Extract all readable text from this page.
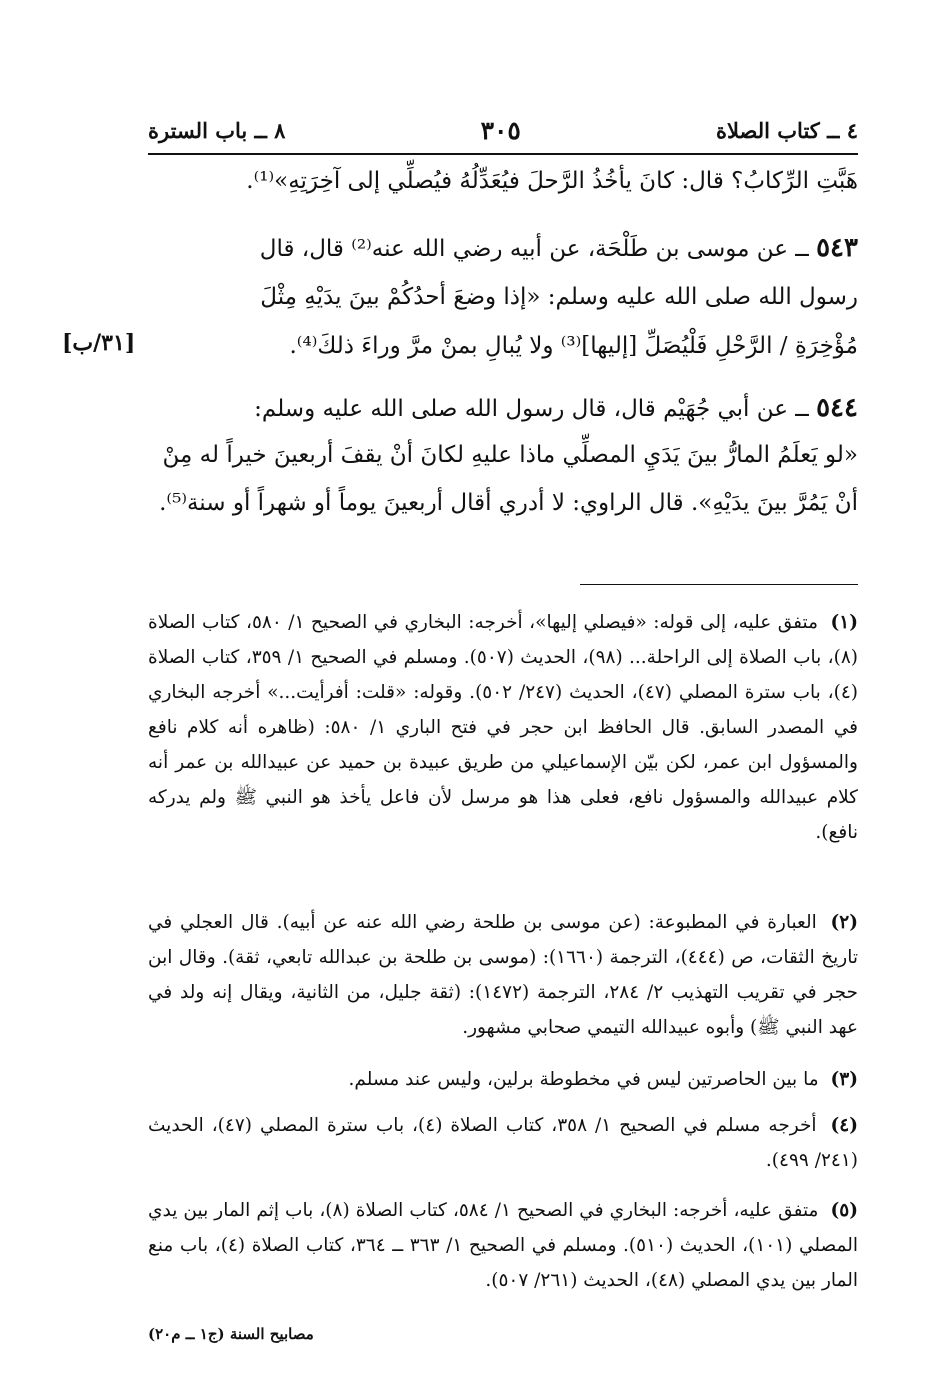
٤ ــ كتاب الصلاة
٣٠٥
٨ ــ باب السترة
هَبَّتِ الرِّكابُ؟ قال: كانَ يأخُذُ الرَّحلَ فيُعَدِّلُهُ فيُصلِّي إلى آخِرَتِهِ»⁽¹⁾.
٥٤٣ ــ عن موسى بن طَلْحَة، عن أبيه رضي الله عنه⁽²⁾ قال، قال
رسول الله صلى الله عليه وسلم: «إذا وضعَ أحدُكُمْ بينَ يدَيْهِ مِثْلَ
مُؤْخِرَةِ / الرَّحْلِ فَلْيُصَلِّ [إليها]⁽³⁾ ولا يُبالِ بمنْ مرَّ وراءَ ذلكَ⁽⁴⁾.
[٣١/ب]
٥٤٤ ــ عن أبي جُهَيْم قال، قال رسول الله صلى الله عليه وسلم:
«لو يَعلَمُ المارُّ بينَ يَدَيِ المصلِّي ماذا عليهِ لكانَ أنْ يقفَ أربعينَ خيراً له مِنْ
أنْ يَمُرَّ بينَ يدَيْهِ». قال الراوي: لا أدري أقال أربعينَ يوماً أو شهراً أو سنة⁽⁵⁾.
(١) متفق عليه، إلى قوله: «فيصلي إليها»، أخرجه: البخاري في الصحيح ١/ ٥٨٠، كتاب الصلاة (٨)، باب الصلاة إلى الراحلة... (٩٨)، الحديث (٥٠٧). ومسلم في الصحيح ١/ ٣٥٩، كتاب الصلاة (٤)، باب سترة المصلي (٤٧)، الحديث (٢٤٧/ ٥٠٢). وقوله: «قلت: أفرأيت...» أخرجه البخاري في المصدر السابق. قال الحافظ ابن حجر في فتح الباري ١/ ٥٨٠: (ظاهره أنه كلام نافع والمسؤول ابن عمر، لكن بيّن الإسماعيلي من طريق عبيدة بن حميد عن عبيدالله بن عمر أنه كلام عبيدالله والمسؤول نافع، فعلى هذا هو مرسل لأن فاعل يأخذ هو النبي ﷺ ولم يدركه نافع).
(٢) العبارة في المطبوعة: (عن موسى بن طلحة رضي الله عنه عن أبيه). قال العجلي في تاريخ الثقات، ص (٤٤٤)، الترجمة (١٦٦٠): (موسى بن طلحة بن عبدالله تابعي، ثقة). وقال ابن حجر في تقريب التهذيب ٢/ ٢٨٤، الترجمة (١٤٧٢): (ثقة جليل، من الثانية، ويقال إنه ولد في عهد النبي ﷺ) وأبوه عبيدالله التيمي صحابي مشهور.
(٣) ما بين الحاصرتين ليس في مخطوطة برلين، وليس عند مسلم.
(٤) أخرجه مسلم في الصحيح ١/ ٣٥٨، كتاب الصلاة (٤)، باب سترة المصلي (٤٧)، الحديث (٢٤١/ ٤٩٩).
(٥) متفق عليه، أخرجه: البخاري في الصحيح ١/ ٥٨٤، كتاب الصلاة (٨)، باب إثم المار بين يدي المصلي (١٠١)، الحديث (٥١٠). ومسلم في الصحيح ١/ ٣٦٣ ــ ٣٦٤، كتاب الصلاة (٤)، باب منع المار بين يدي المصلي (٤٨)، الحديث (٢٦١/ ٥٠٧).
مصابيح السنة (ج١ ــ م٢٠)
